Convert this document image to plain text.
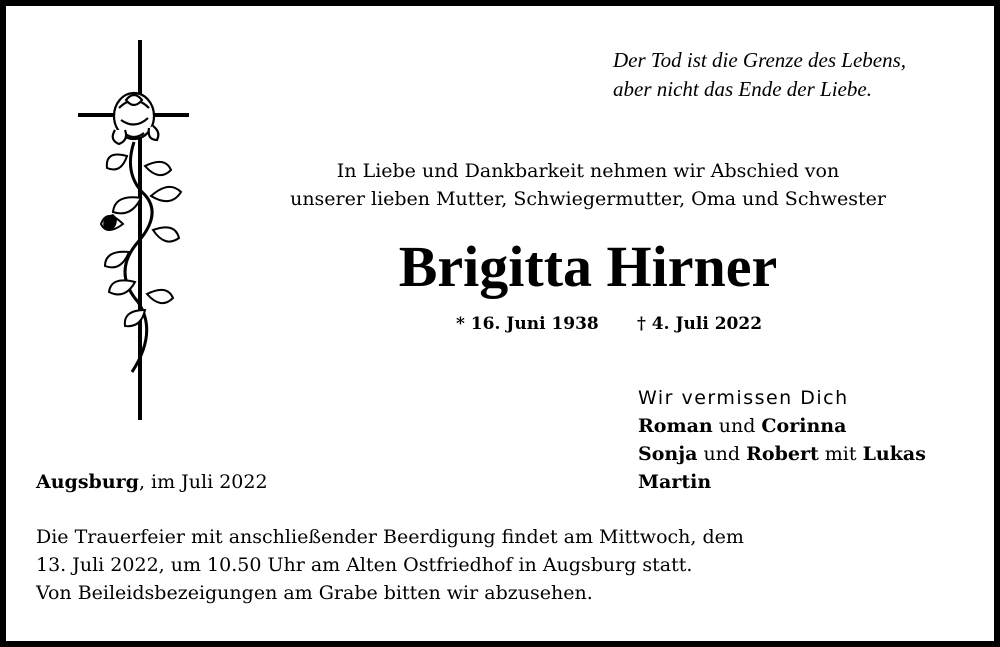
Der Tod ist die Grenze des Lebens,
aber nicht das Ende der Liebe.
In Liebe und Dankbarkeit nehmen wir Abschied von
unserer lieben Mutter, Schwiegermutter, Oma und Schwester
Brigitta Hirner
* 16. Juni 1938 † 4. Juli 2022
Wir vermissen Dich
Roman und Corinna
Sonja und Robert mit Lukas
Martin
Augsburg, im Juli 2022
Die Trauerfeier mit anschließender Beerdigung findet am Mittwoch, dem
13. Juli 2022, um 10.50 Uhr am Alten Ostfriedhof in Augsburg statt.
Von Beileidsbezeigungen am Grabe bitten wir abzusehen.
